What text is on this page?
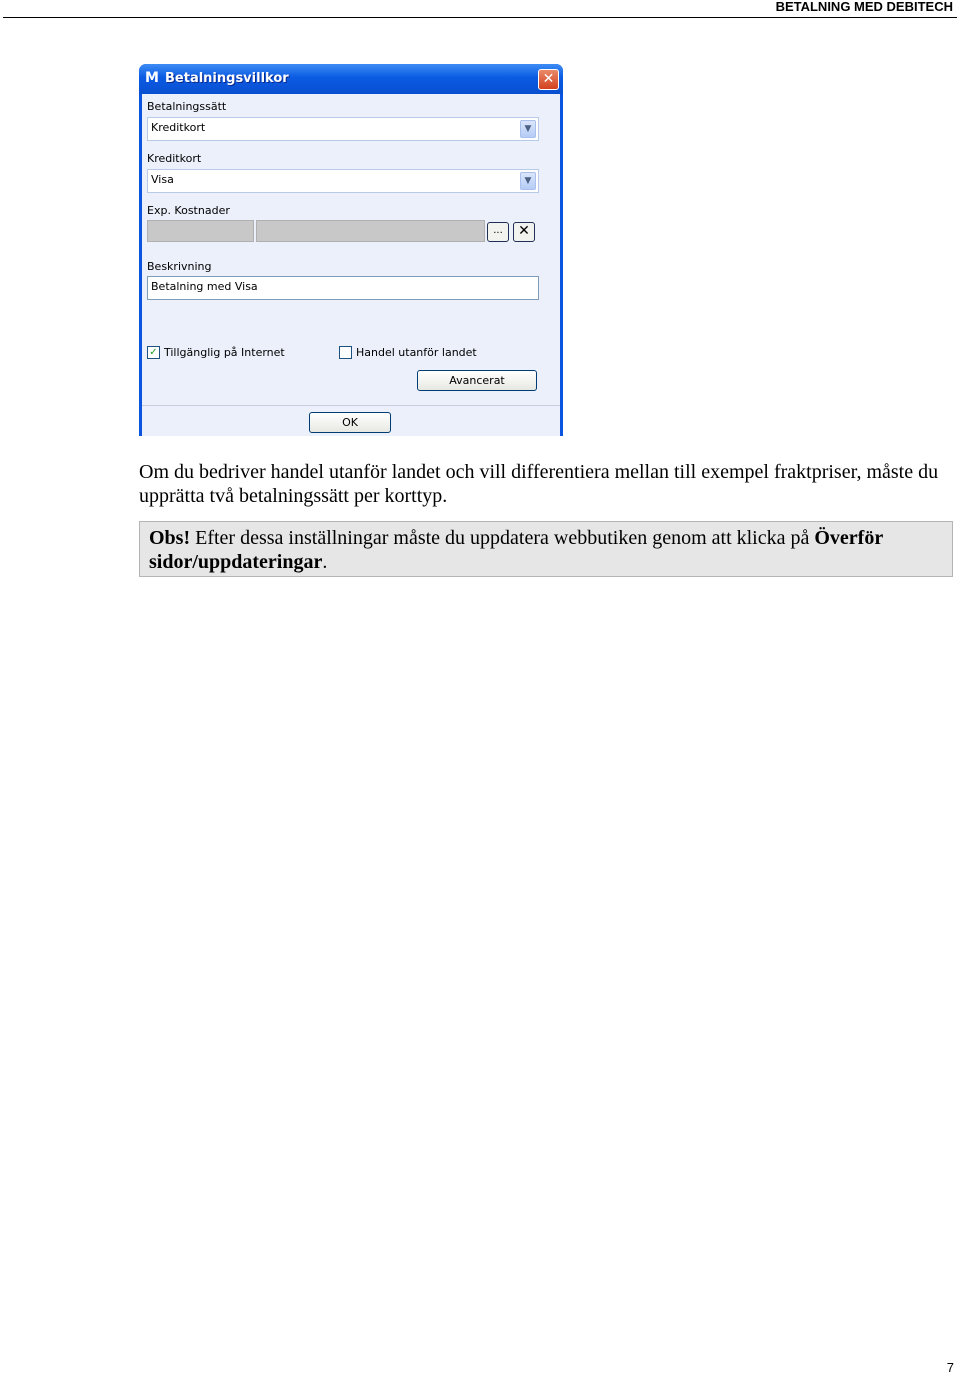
BETALNING MED DEBITECH
M Betalningsvillkor	✕
Betalningssätt
Kreditkort	▼
Kreditkort
Visa	▼
Exp. Kostnader
...	✕
Beskrivning
Betalning med Visa
✓ Tillgänglig på Internet	Handel utanför landet
Avancerat
OK
Om du bedriver handel utanför landet och vill differentiera mellan till exempel fraktpriser, måste du upprätta två betalningssätt per korttyp.
Obs! Efter dessa inställningar måste du uppdatera webbutiken genom att klicka på Överför sidor/uppdateringar.
7
